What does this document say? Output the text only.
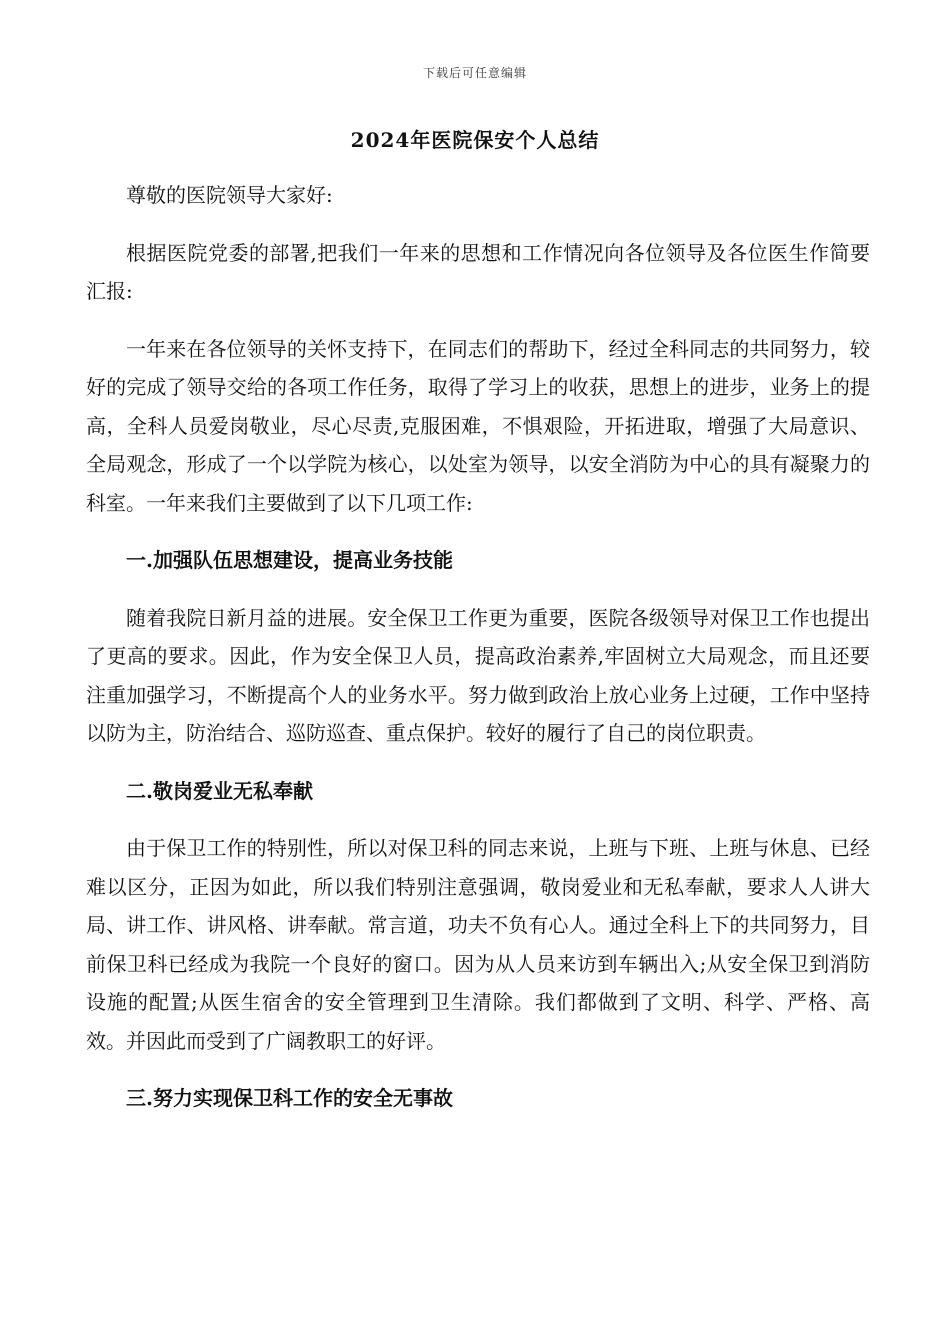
下载后可任意编辑
2024年医院保安个人总结

尊敬的医院领导大家好:

根据医院党委的部署,把我们一年来的思想和工作情况向各位领导及各位医生作简要汇报:

一年来在各位领导的关怀支持下，在同志们的帮助下，经过全科同志的共同努力，较好的完成了领导交给的各项工作任务，取得了学习上的收获，思想上的进步，业务上的提高，全科人员爱岗敬业，尽心尽责,克服困难，不惧艰险，开拓进取，增强了大局意识、全局观念，形成了一个以学院为核心，以处室为领导，以安全消防为中心的具有凝聚力的科室。一年来我们主要做到了以下几项工作:

一.加强队伍思想建设，提高业务技能

随着我院日新月益的进展。安全保卫工作更为重要，医院各级领导对保卫工作也提出了更高的要求。因此，作为安全保卫人员，提高政治素养,牢固树立大局观念，而且还要注重加强学习，不断提高个人的业务水平。努力做到政治上放心业务上过硬，工作中坚持以防为主，防治结合、巡防巡查、重点保护。较好的履行了自己的岗位职责。

二.敬岗爱业无私奉献

由于保卫工作的特别性，所以对保卫科的同志来说，上班与下班、上班与休息、已经难以区分，正因为如此，所以我们特别注意强调，敬岗爱业和无私奉献，要求人人讲大局、讲工作、讲风格、讲奉献。常言道，功夫不负有心人。通过全科上下的共同努力，目前保卫科已经成为我院一个良好的窗口。因为从人员来访到车辆出入;从安全保卫到消防设施的配置;从医生宿舍的安全管理到卫生清除。我们都做到了文明、科学、严格、高效。并因此而受到了广阔教职工的好评。

三.努力实现保卫科工作的安全无事故
